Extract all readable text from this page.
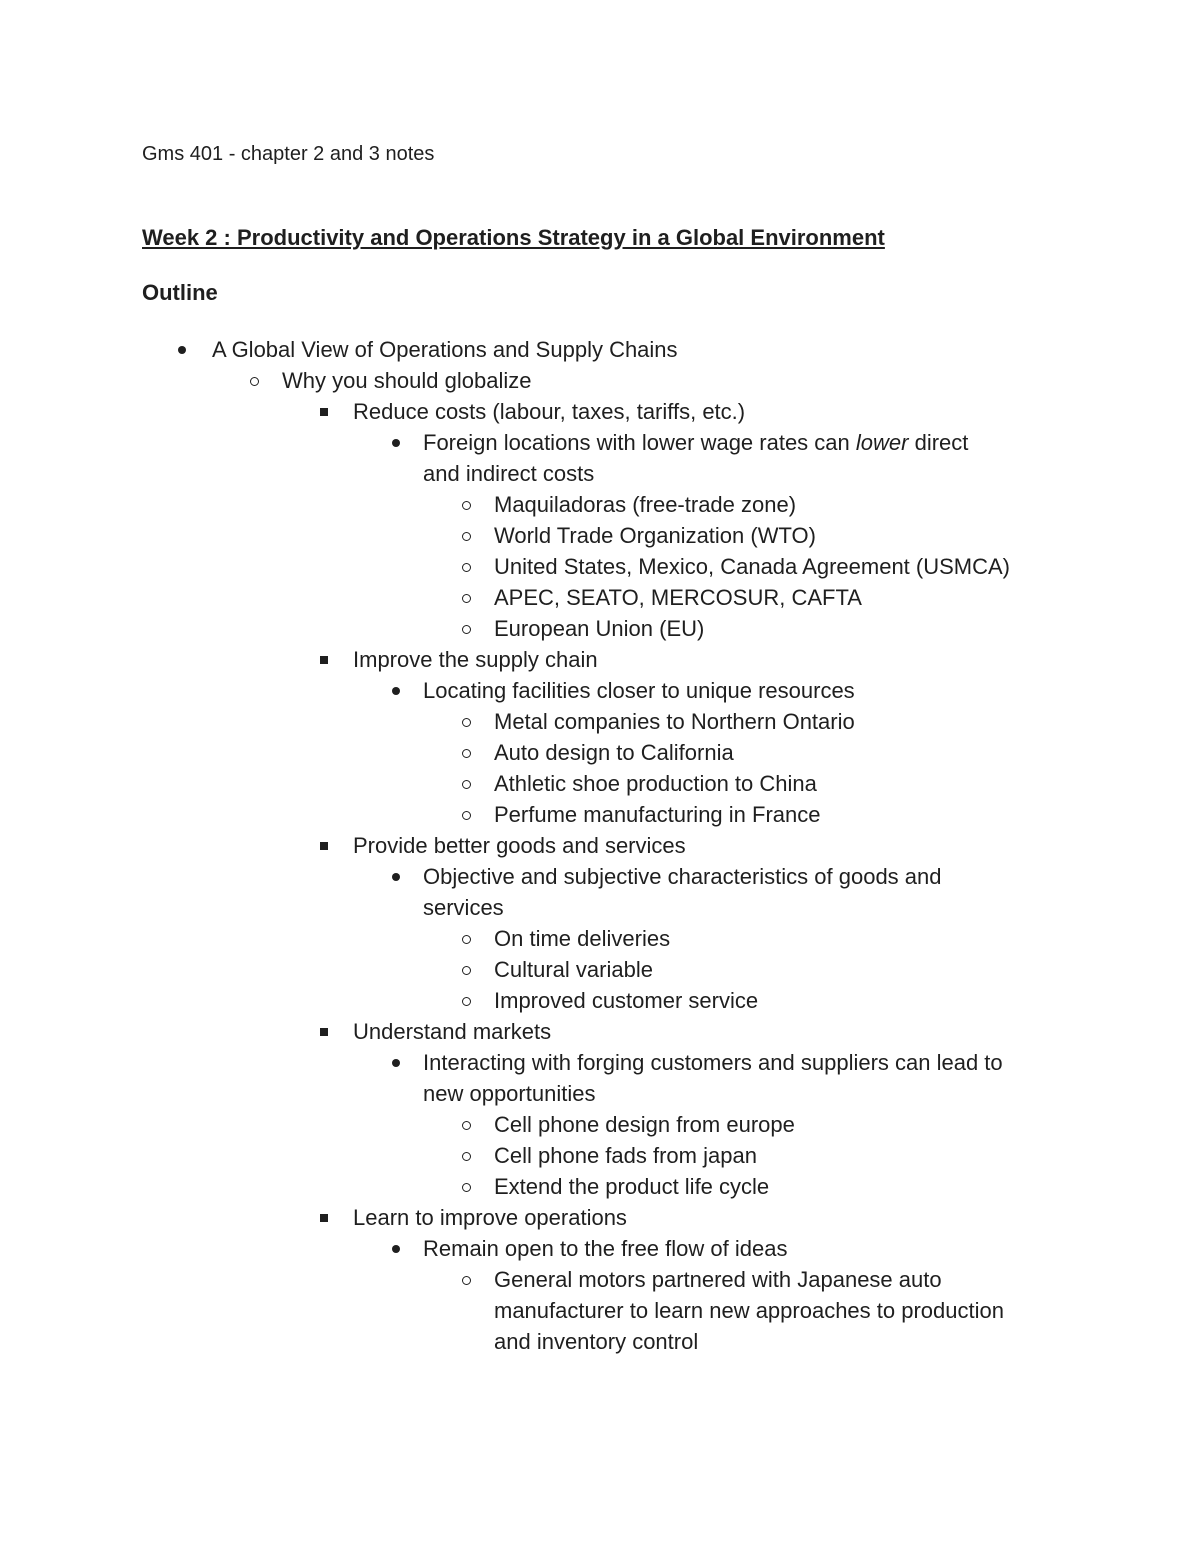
Gms 401 - chapter 2 and 3 notes
Week 2 : Productivity and Operations Strategy in a Global Environment
Outline
A Global View of Operations and Supply Chains
Why you should globalize
Reduce costs (labour, taxes, tariffs, etc.)
Foreign locations with lower wage rates can lower direct
and indirect costs
Maquiladoras (free-trade zone)
World Trade Organization (WTO)
United States, Mexico, Canada Agreement (USMCA)
APEC, SEATO, MERCOSUR, CAFTA
European Union (EU)
Improve the supply chain
Locating facilities closer to unique resources
Metal companies to Northern Ontario
Auto design to California
Athletic shoe production to China
Perfume manufacturing in France
Provide better goods and services
Objective and subjective characteristics of goods and
services
On time deliveries
Cultural variable
Improved customer service
Understand markets
Interacting with forging customers and suppliers can lead to
new opportunities
Cell phone design from europe
Cell phone fads from japan
Extend the product life cycle
Learn to improve operations
Remain open to the free flow of ideas
General motors partnered with Japanese auto
manufacturer to learn new approaches to production
and inventory control
